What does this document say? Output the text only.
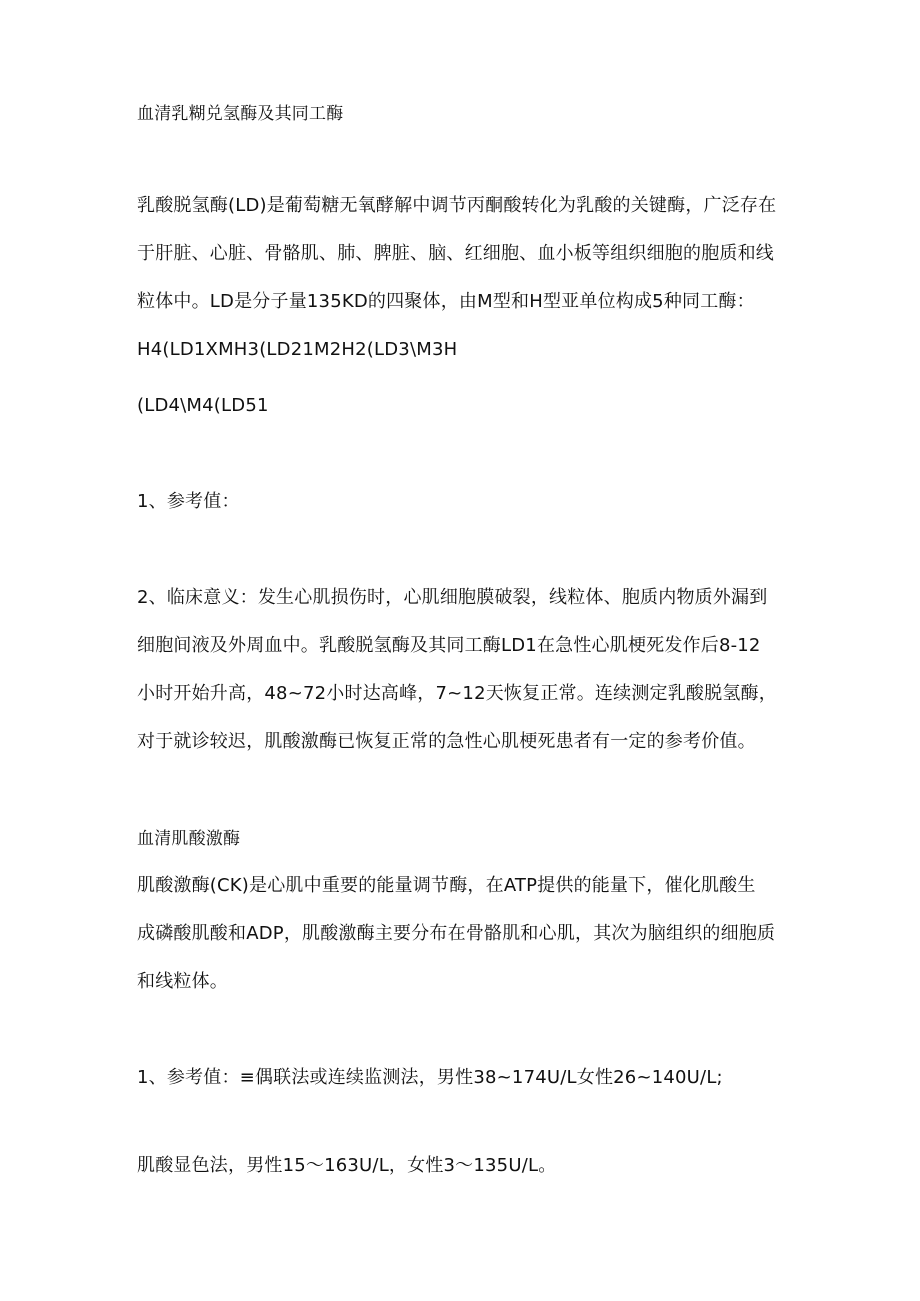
血清乳糊兑氢酶及其同工酶
乳酸脱氢酶(LD)是葡萄糖无氧酵解中调节丙酮酸转化为乳酸的关键酶，广泛存在
于肝脏、心脏、骨骼肌、肺、脾脏、脑、红细胞、血小板等组织细胞的胞质和线
粒体中。LD是分子量135KD的四聚体，由M型和H型亚单位构成5种同工酶：
H4(LD1XMH3(LD21M2H2(LD3\M3H
(LD4\M4(LD51
1、参考值：
2、临床意义：发生心肌损伤时，心肌细胞膜破裂，线粒体、胞质内物质外漏到
细胞间液及外周血中。乳酸脱氢酶及其同工酶LD1在急性心肌梗死发作后8-12
小时开始升高，48~72小时达高峰，7~12天恢复正常。连续测定乳酸脱氢酶，
对于就诊较迟，肌酸激酶已恢复正常的急性心肌梗死患者有一定的参考价值。
血清肌酸激酶
肌酸激酶(CK)是心肌中重要的能量调节酶，在ATP提供的能量下，催化肌酸生
成磷酸肌酸和ADP，肌酸激酶主要分布在骨骼肌和心肌，其次为脑组织的细胞质
和线粒体。
1、参考值：≡偶联法或连续监测法，男性38~174U/L女性26~140U/L;
肌酸显色法，男性15～163U/L，女性3～135U/L。
